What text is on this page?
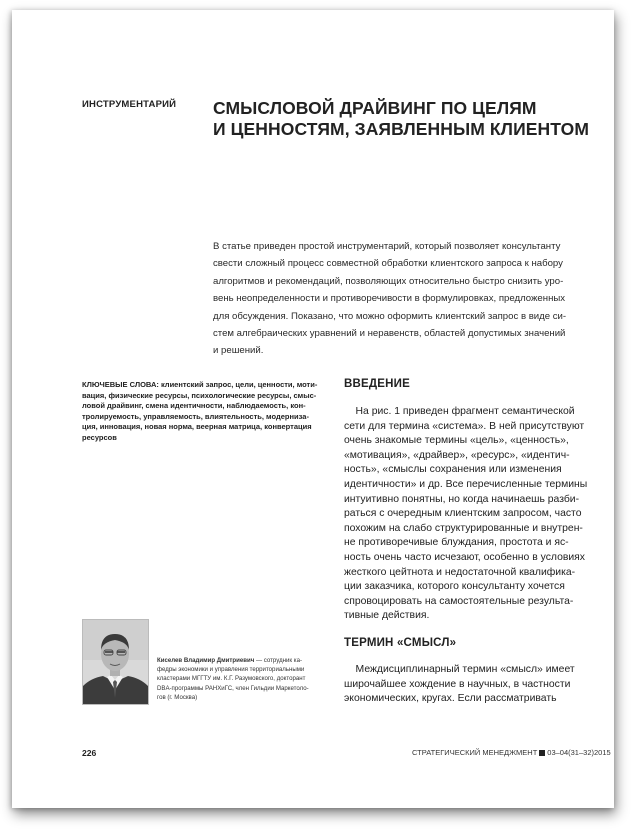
ИНСТРУМЕНТАРИЙ СМЫСЛОВОЙ ДРАЙВИНГ ПО ЦЕЛЯМ
И ЦЕННОСТЯМ, ЗАЯВЛЕННЫМ КЛИЕНТОМ
В статье приведен простой инструментарий, который позволяет консультанту
свести сложный процесс совместной обработки клиентского запроса к набору
алгоритмов и рекомендаций, позволяющих относительно быстро снизить уро-
вень неопределенности и противоречивости в формулировках, предложенных
для обсуждения. Показано, что можно оформить клиентский запрос в виде си-
стем алгебраических уравнений и неравенств, областей допустимых значений
и решений.
КЛЮЧЕВЫЕ СЛОВА: клиентский запрос, цели, ценности, моти-
вация, физические ресурсы, психологические ресурсы, смыс-
ловой драйвинг, смена идентичности, наблюдаемость, кон-
тролируемость, управляемость, влиятельность, модерниза-
ция, инновация, новая норма, веерная матрица, конвертация
ресурсов
ВВЕДЕНИЕ
На рис. 1 приведен фрагмент семантической
сети для термина «система». В ней присутствуют
очень знакомые термины «цель», «ценность»,
«мотивация», «драйвер», «ресурс», «идентич-
ность», «смыслы сохранения или изменения
идентичности» и др. Все перечисленные термины
интуитивно понятны, но когда начинаешь разби-
раться с очередным клиентским запросом, часто
похожим на слабо структурированные и внутрен-
не противоречивые блуждания, простота и яс-
ность очень часто исчезают, особенно в условиях
жесткого цейтнота и недостаточной квалифика-
ции заказчика, которого консультанту хочется
спровоцировать на самостоятельные результа-
тивные действия.
ТЕРМИН «СМЫСЛ»
Междисциплинарный термин «смысл» имеет
широчайшее хождение в научных, в частности
экономических, кругах. Если рассматривать
Киселев Владимир Дмитриевич — сотрудник ка-
федры экономики и управления территориальными
кластерами МГГТУ им. К.Г. Разумовского, докторант
DBA-программы РАНХиГС, член Гильдии Маркетоло-
гов (г. Москва)
226	СТРАТЕГИЧЕСКИЙ МЕНЕДЖМЕНТ 03–04(31–32)2015
